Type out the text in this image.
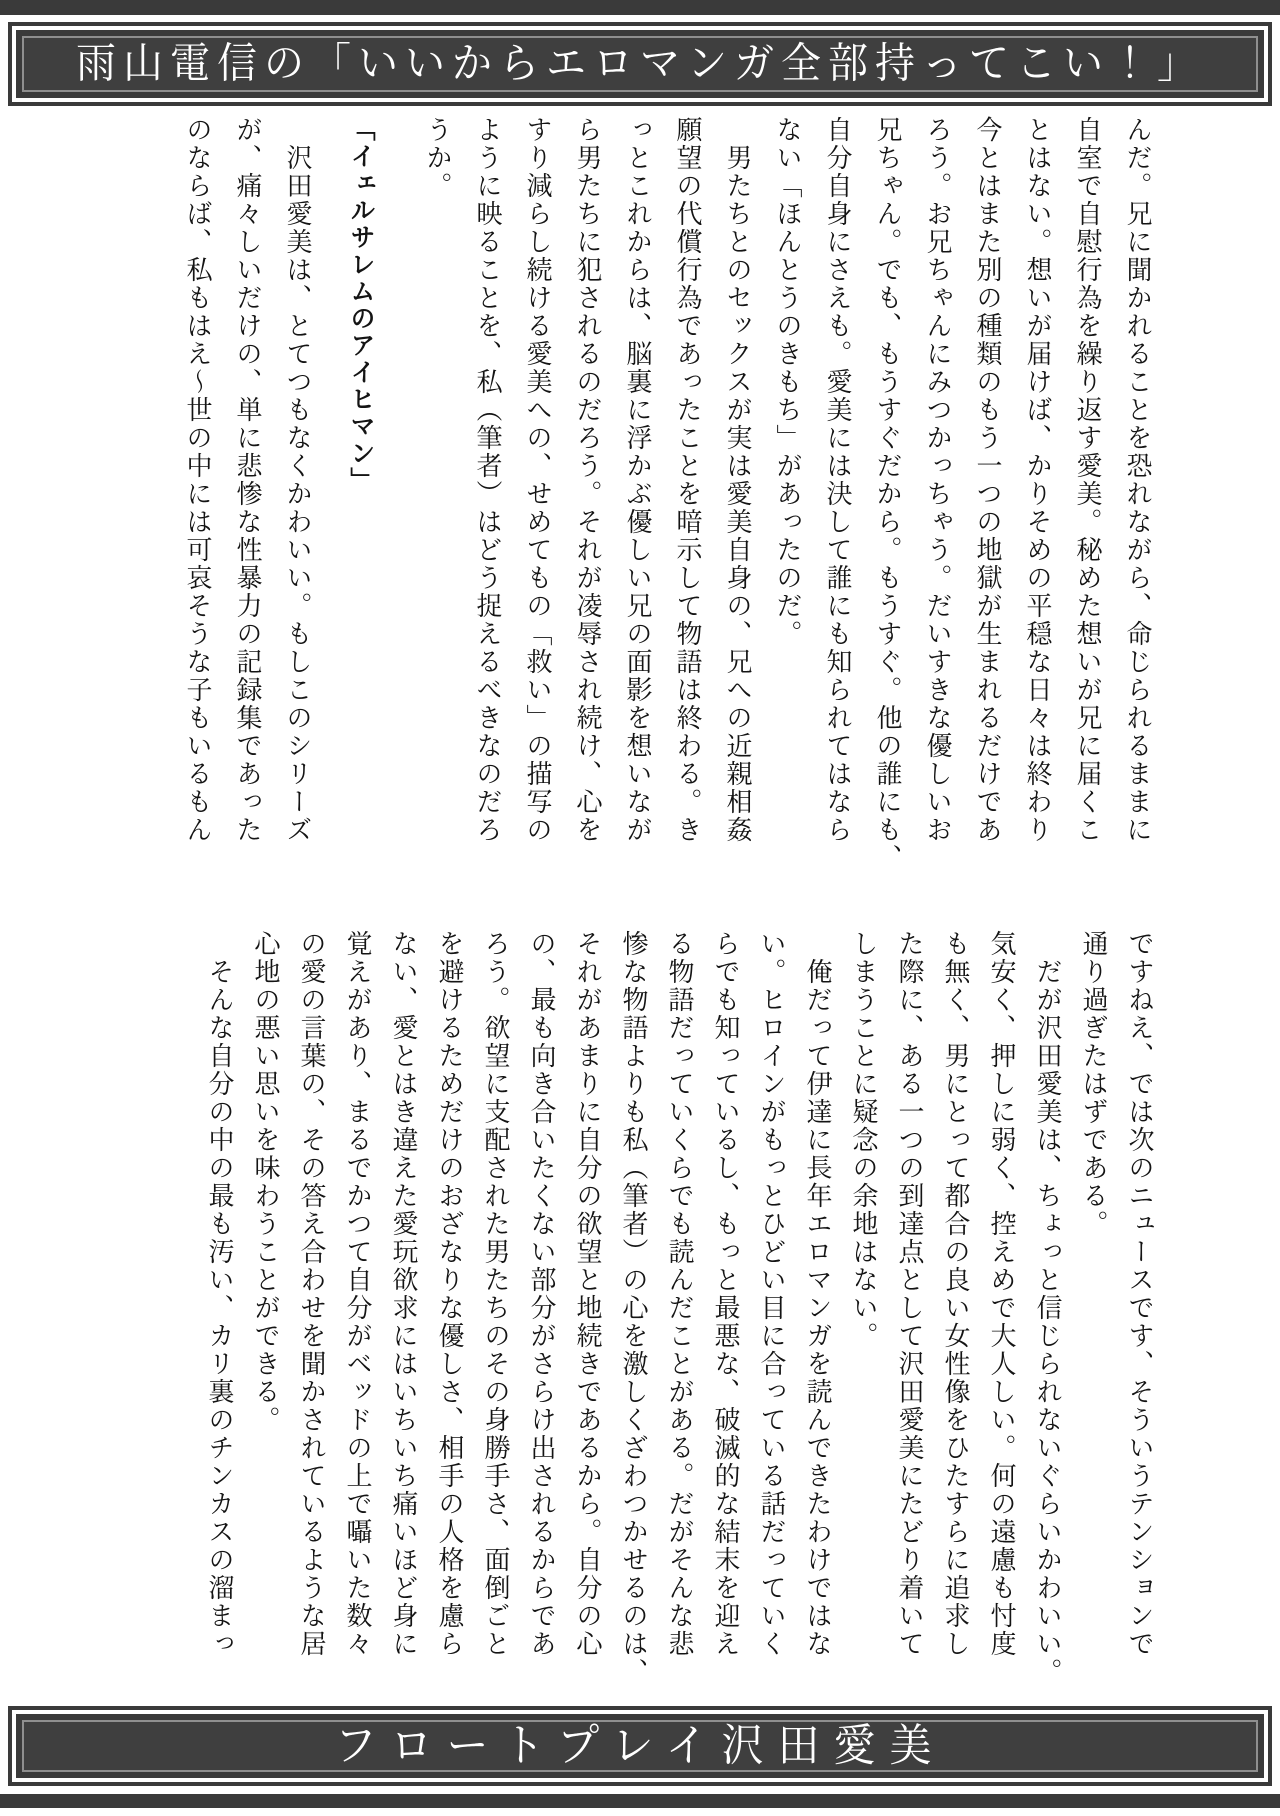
雨山電信の「いいからエロマンガ全部持ってこい！」
んだ。兄に聞かれることを恐れながら、命じられるままに
自室で自慰行為を繰り返す愛美。秘めた想いが兄に届くこ
とはない。想いが届けば、かりそめの平穏な日々は終わり
今とはまた別の種類のもう一つの地獄が生まれるだけであ
ろう。お兄ちゃんにみつかっちゃう。だいすきな優しいお
兄ちゃん。でも、もうすぐだから。もうすぐ。他の誰にも、
自分自身にさえも。愛美には決して誰にも知られてはなら
ない「ほんとうのきもち」があったのだ。
　男たちとのセックスが実は愛美自身の、兄への近親相姦
願望の代償行為であったことを暗示して物語は終わる。き
っとこれからは、脳裏に浮かぶ優しい兄の面影を想いなが
ら男たちに犯されるのだろう。それが凌辱され続け、心を
すり減らし続ける愛美への、せめてもの「救い」の描写の
ように映ることを、私（筆者）はどう捉えるべきなのだろ
うか。
「イェルサレムのアイヒマン」
　沢田愛美は、とてつもなくかわいい。もしこのシリーズ
が、痛々しいだけの、単に悲惨な性暴力の記録集であった
のならば、私もはえ〜世の中には可哀そうな子もいるもん
ですねえ、では次のニュースです、そういうテンションで
通り過ぎたはずである。
　だが沢田愛美は、ちょっと信じられないぐらいかわいい。
気安く、押しに弱く、控えめで大人しい。何の遠慮も忖度
も無く、男にとって都合の良い女性像をひたすらに追求し
た際に、ある一つの到達点として沢田愛美にたどり着いて
しまうことに疑念の余地はない。
　俺だって伊達に長年エロマンガを読んできたわけではな
い。ヒロインがもっとひどい目に合っている話だっていく
らでも知っているし、もっと最悪な、破滅的な結末を迎え
る物語だっていくらでも読んだことがある。だがそんな悲
惨な物語よりも私（筆者）の心を激しくざわつかせるのは、
それがあまりに自分の欲望と地続きであるから。自分の心
の、最も向き合いたくない部分がさらけ出されるからであ
ろう。欲望に支配された男たちのその身勝手さ、面倒ごと
を避けるためだけのおざなりな優しさ、相手の人格を慮ら
ない、愛とはき違えた愛玩欲求にはいちいち痛いほど身に
覚えがあり、まるでかつて自分がベッドの上で囁いた数々
の愛の言葉の、その答え合わせを聞かされているような居
心地の悪い思いを味わうことができる。
　そんな自分の中の最も汚い、カリ裏のチンカスの溜まっ
フロートプレイ沢田愛美
